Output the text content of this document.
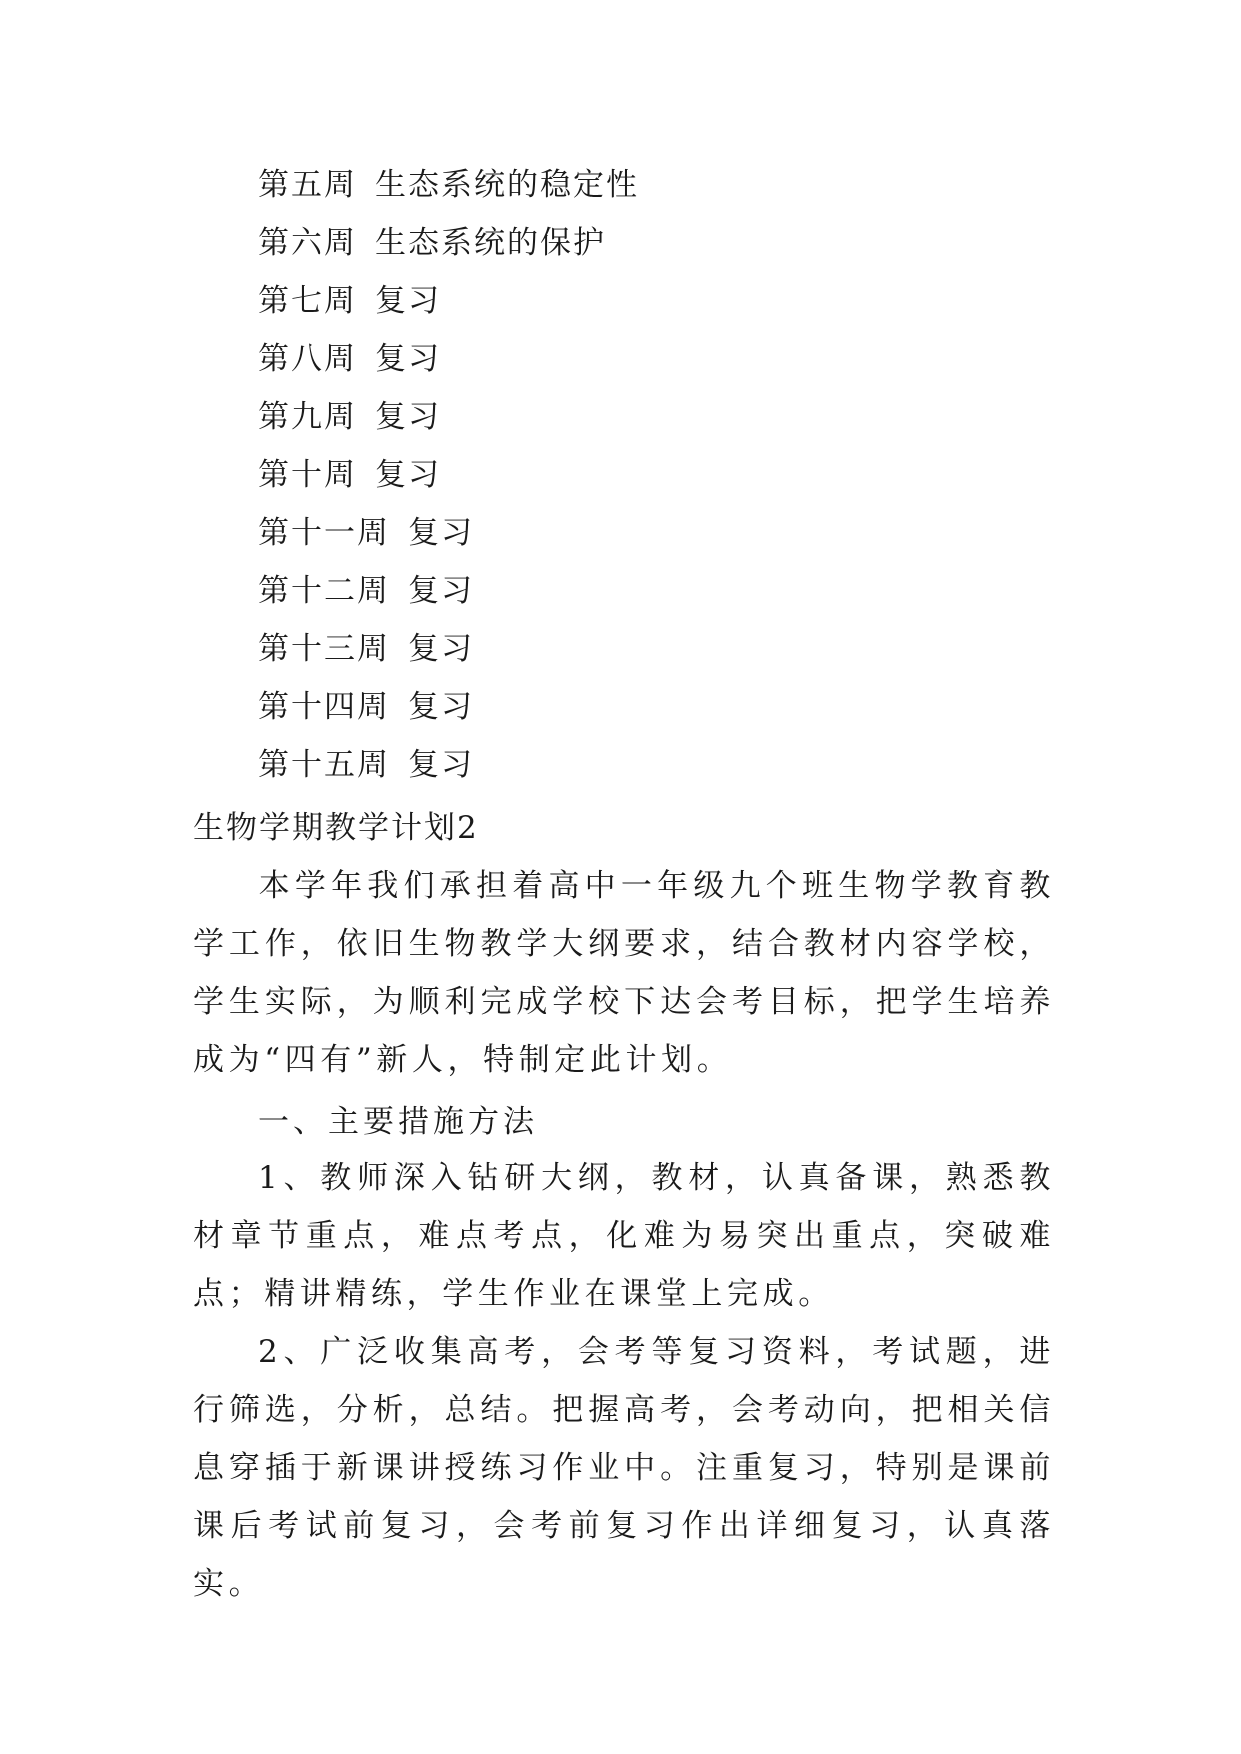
第五周 生态系统的稳定性
第六周 生态系统的保护
第七周 复习
第八周 复习
第九周 复习
第十周 复习
第十一周 复习
第十二周 复习
第十三周 复习
第十四周 复习
第十五周 复习
生物学期教学计划2
本学年我们承担着高中一年级九个班生物学教育教学工作，依旧生物教学大纲要求，结合教材内容学校，学生实际，为顺利完成学校下达会考目标，把学生培养成为“四有”新人，特制定此计划。
一、主要措施方法
1、教师深入钻研大纲，教材，认真备课，熟悉教材章节重点，难点考点，化难为易突出重点，突破难点；精讲精练，学生作业在课堂上完成。
2、广泛收集高考，会考等复习资料，考试题，进行筛选，分析，总结。把握高考，会考动向，把相关信息穿插于新课讲授练习作业中。注重复习，特别是课前课后考试前复习，会考前复习作出详细复习，认真落实。
